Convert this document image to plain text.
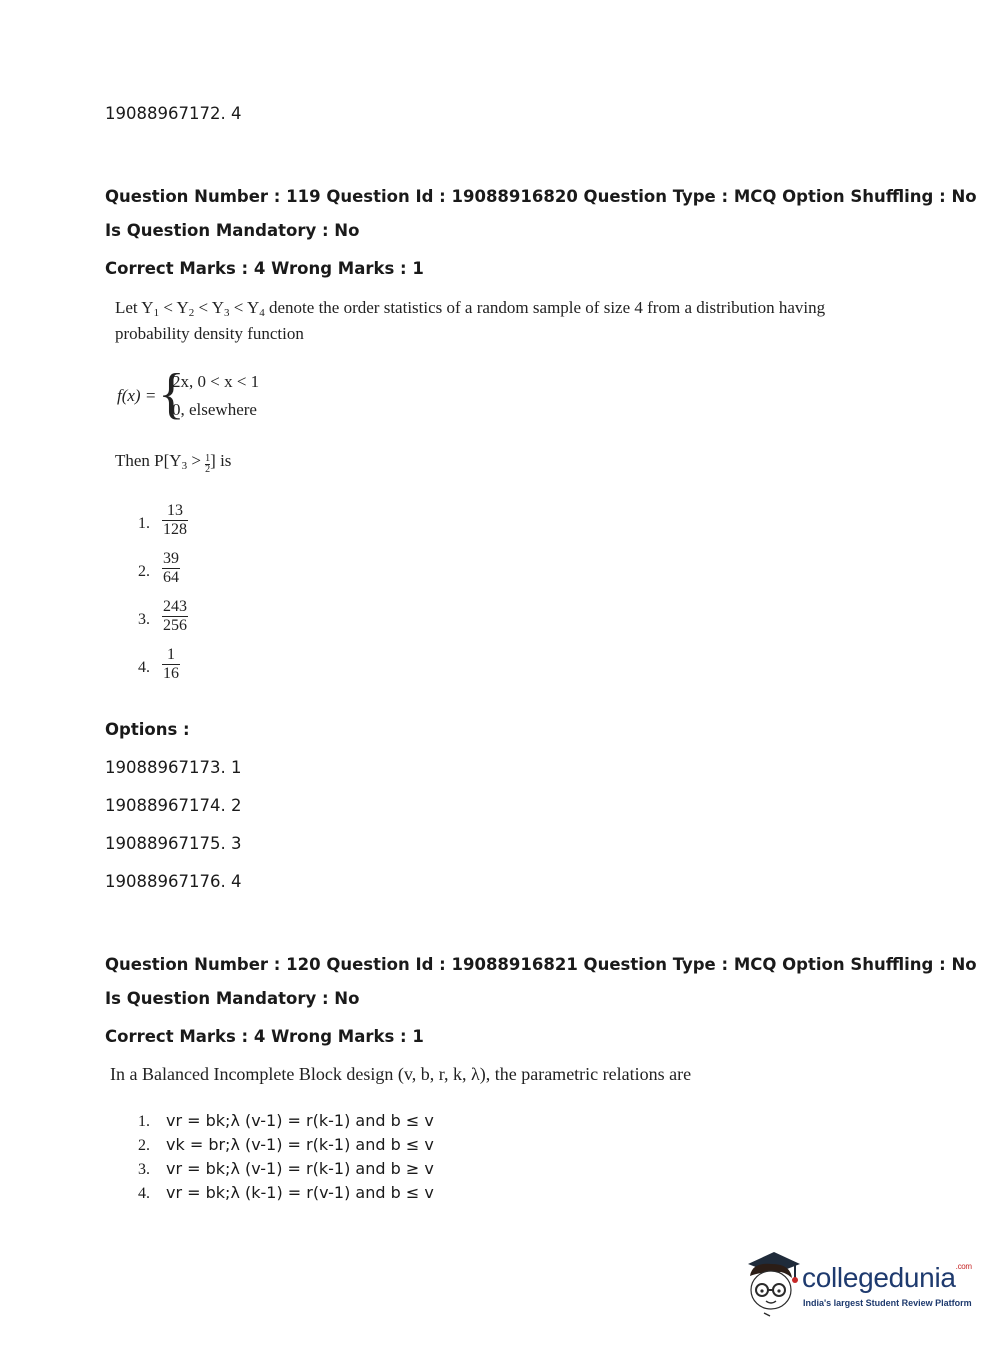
19088967172. 4
Question Number : 119 Question Id : 19088916820 Question Type : MCQ Option Shuffling : No
Is Question Mandatory : No
Correct Marks : 4 Wrong Marks : 1
Let $Y_1 < Y_2 < Y_3 < Y_4$ denote the order statistics of a random sample of size 4 from a distribution having
probability density function
f(x) = {
2x, 0 < x < 1
0, elsewhere
Then $P[Y_3 > \frac{1}{2}$ ] is
1. $\frac{13}{128}$
2. $\frac{39}{64}$
3. $\frac{243}{256}$
4. $\frac{1}{16}$
Options :
19088967173. 1
19088967174. 2
19088967175. 3
19088967176. 4
Question Number : 120 Question Id : 19088916821 Question Type : MCQ Option Shuffling : No
Is Question Mandatory : No
Correct Marks : 4 Wrong Marks : 1
In a Balanced Incomplete Block design (v, b, r, k, λ), the parametric relations are
1. vr = bk;λ (v-1) = r(k-1) and b ≤ v
2. vk = br;λ (v-1) = r(k-1) and b ≤ v
3. vr = bk;λ (v-1) = r(k-1) and b ≥ v
4. vr = bk;λ (k-1) = r(v-1) and b ≤ v
collegedunia$^{.com}$
India's largest Student Review Platform
